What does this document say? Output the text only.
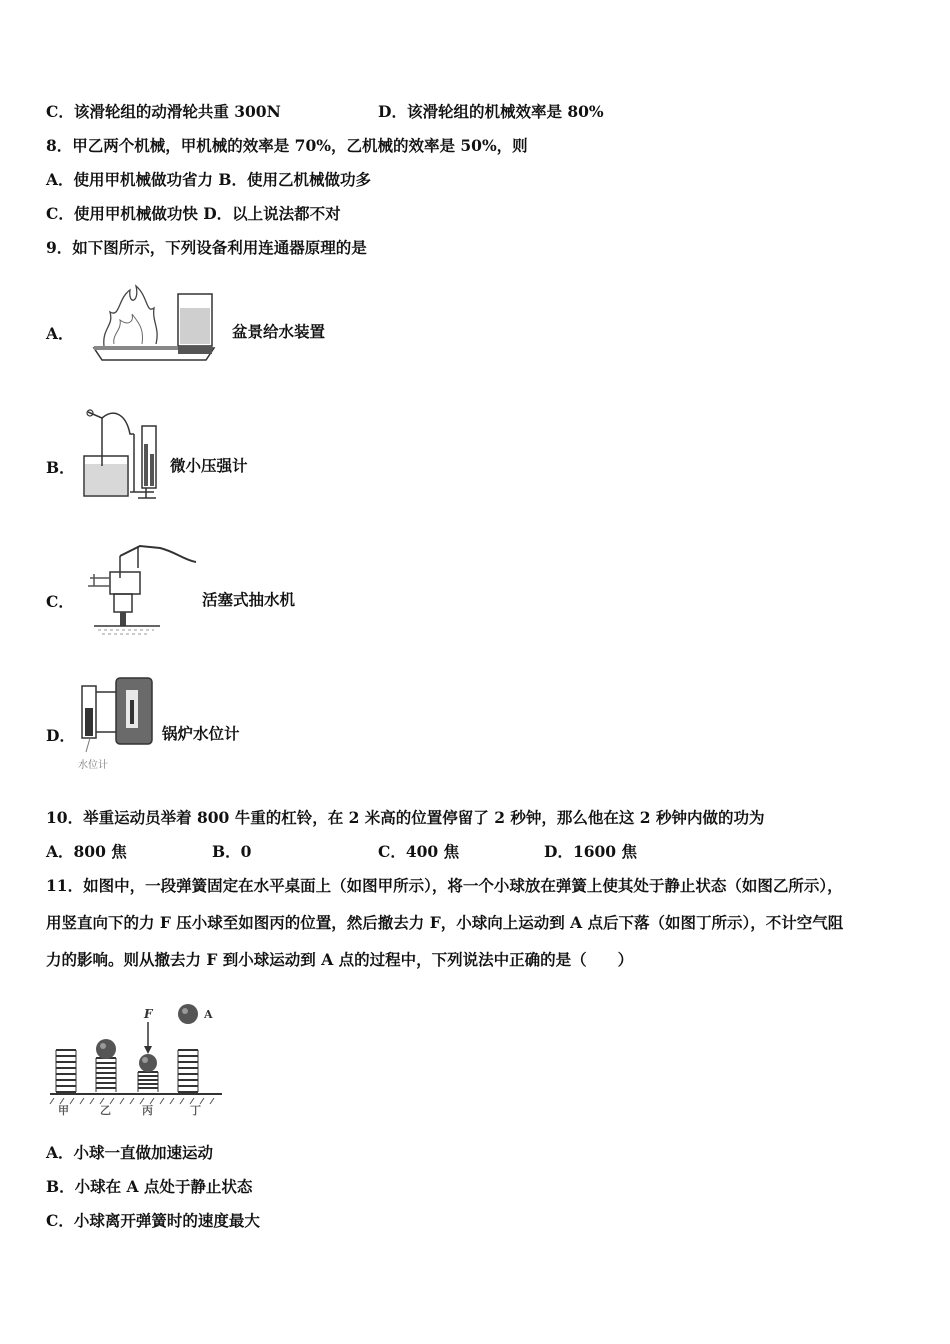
C．该滑轮组的动滑轮共重 300N	D．该滑轮组的机械效率是 80%
8．甲乙两个机械，甲机械的效率是 70%，乙机械的效率是 50%，则
A．使用甲机械做功省力 B．使用乙机械做功多
C．使用甲机械做功快 D．以上说法都不对
9．如下图所示，下列设备利用连通器原理的是
A．	盆景给水装置
B．	微小压强计
C．	活塞式抽水机
D．
水位计
锅炉水位计
10．举重运动员举着 800 牛重的杠铃，在 2 米高的位置停留了 2 秒钟，那么他在这 2 秒钟内做的功为
A．800 焦	B．0	C．400 焦	D．1600 焦
11．如图中，一段弹簧固定在水平桌面上（如图甲所示），将一个小球放在弹簧上使其处于静止状态（如图乙所示），
用竖直向下的力 F 压小球至如图丙的位置，然后撤去力 F，小球向上运动到 A 点后下落（如图丁所示），不计空气阻
力的影响。则从撤去力 F 到小球运动到 A 点的过程中，下列说法中正确的是（　　）
F	A
甲	乙	丙	丁
A．小球一直做加速运动
B．小球在 A 点处于静止状态
C．小球离开弹簧时的速度最大
